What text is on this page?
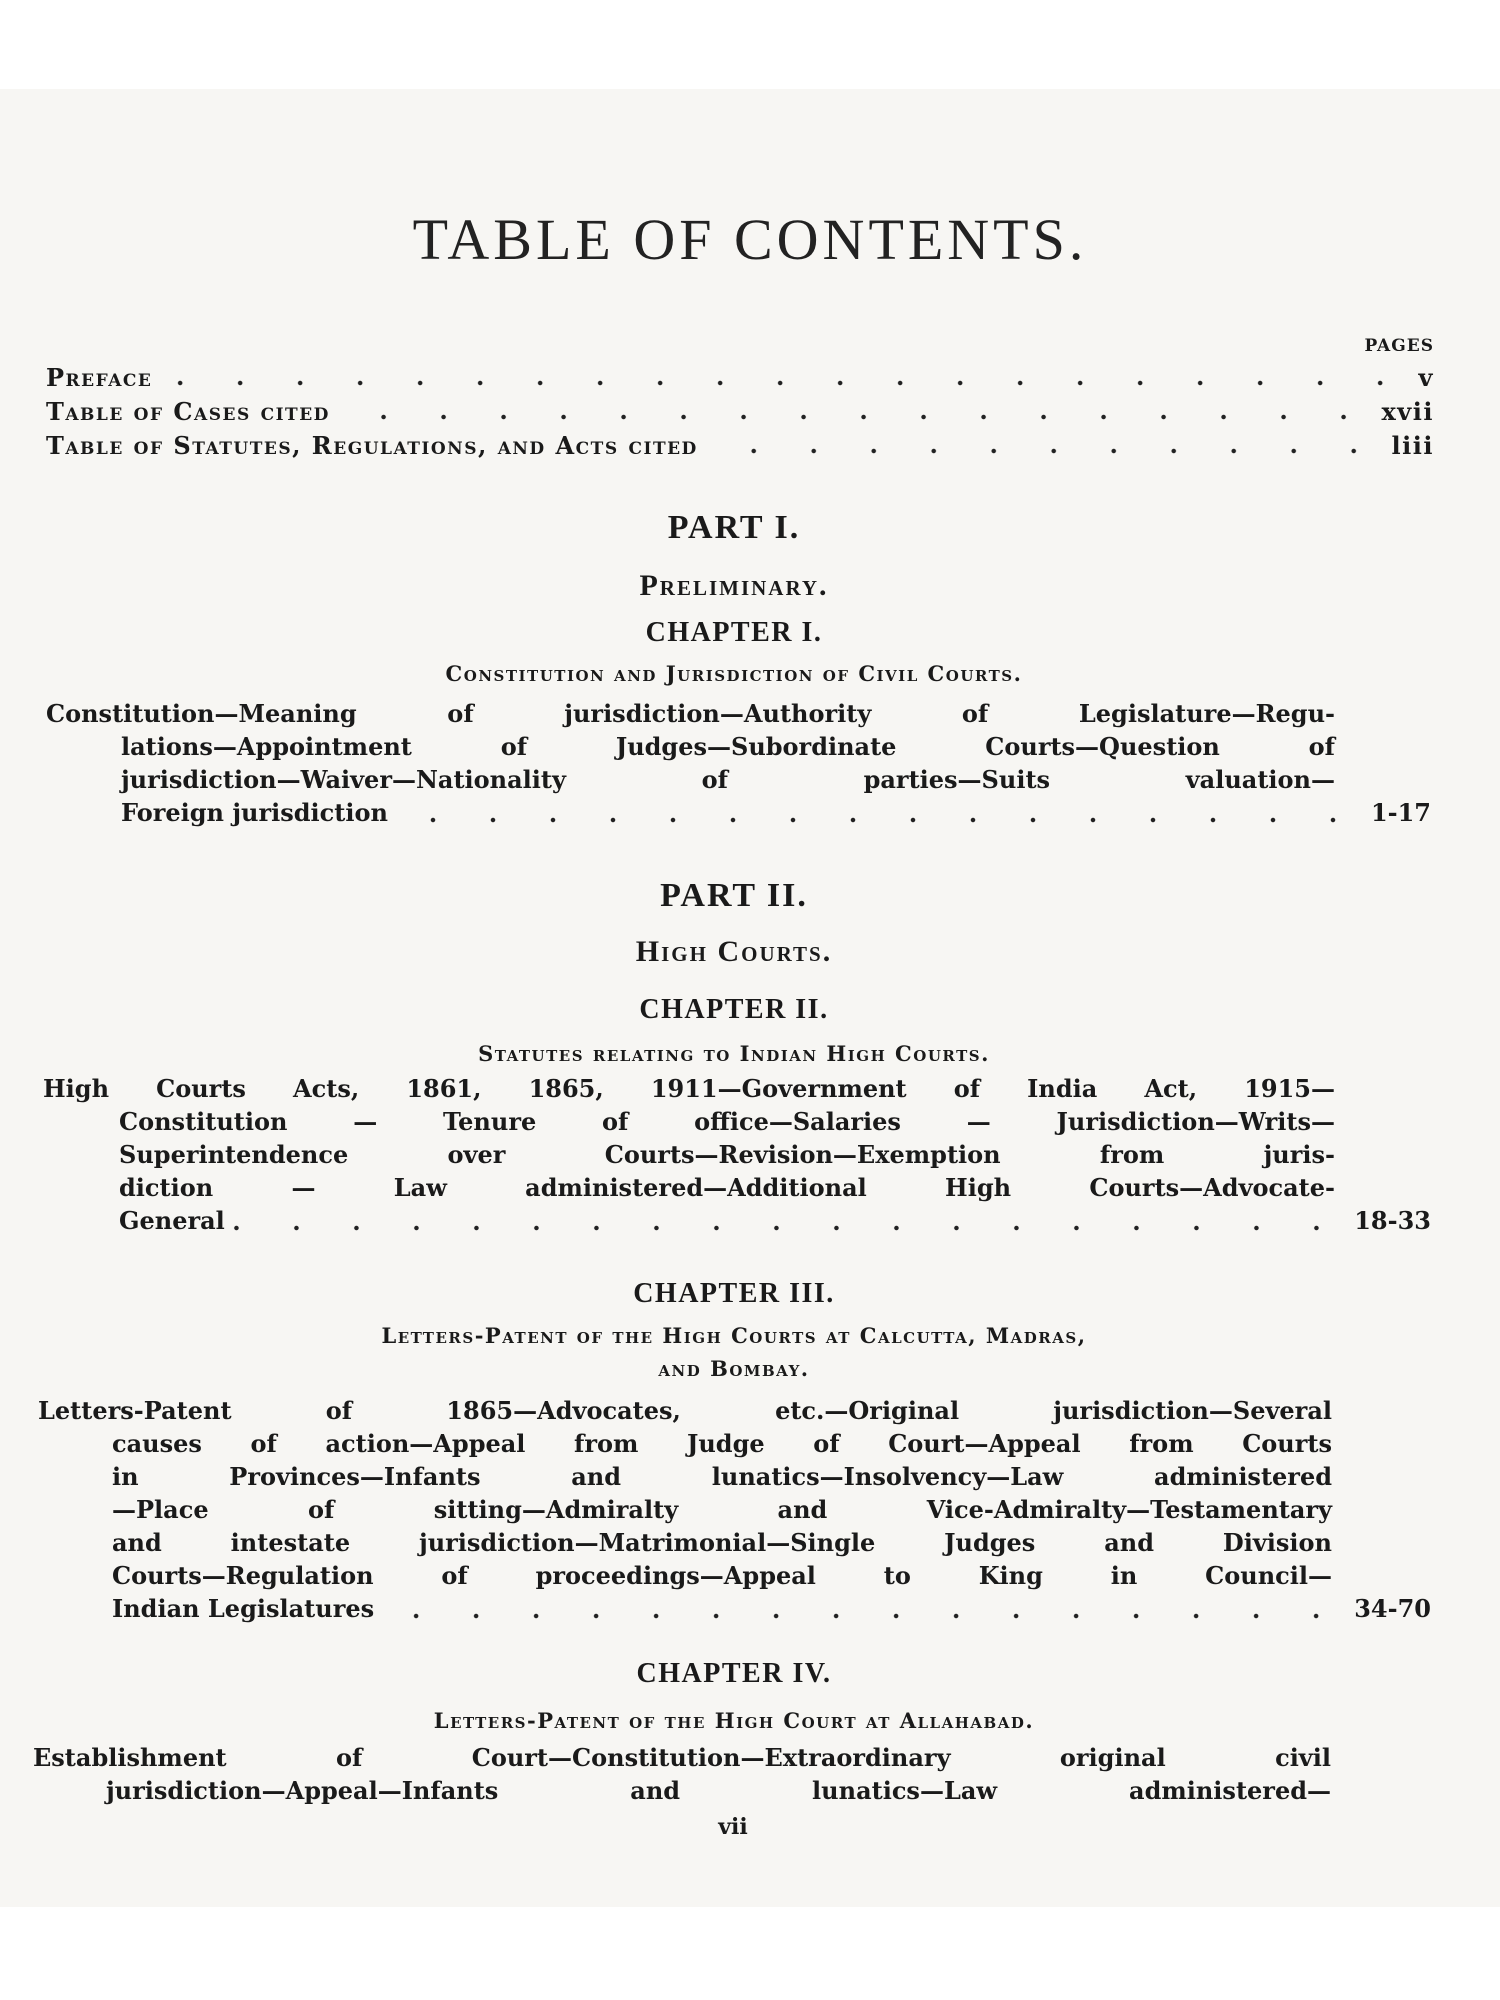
TABLE OF CONTENTS.
PAGES
Preface	v
Table of Cases cited	xvii
Table of Statutes, Regulations, and Acts cited	liii
PART I.
Preliminary.
CHAPTER I.
Constitution and Jurisdiction of Civil Courts.
Constitution—Meaning of jurisdiction—Authority of Legislature—Regu-
lations—Appointment of Judges—Subordinate Courts—Question of
jurisdiction—Waiver—Nationality of parties—Suits valuation—
Foreign jurisdiction	1-17
PART II.
High Courts.
CHAPTER II.
Statutes relating to Indian High Courts.
High Courts Acts, 1861, 1865, 1911—Government of India Act, 1915—
Constitution — Tenure of office—Salaries — Jurisdiction—Writs—
Superintendence over Courts—Revision—Exemption from juris-
diction — Law administered—Additional High Courts—Advocate-
General	18-33
CHAPTER III.
Letters-Patent of the High Courts at Calcutta, Madras,
and Bombay.
Letters-Patent of 1865—Advocates, etc.—Original jurisdiction—Several
causes of action—Appeal from Judge of Court—Appeal from Courts
in Provinces—Infants and lunatics—Insolvency—Law administered
—Place of sitting—Admiralty and Vice-Admiralty—Testamentary
and intestate jurisdiction—Matrimonial—Single Judges and Division
Courts—Regulation of proceedings—Appeal to King in Council—
Indian Legislatures	34-70
CHAPTER IV.
Letters-Patent of the High Court at Allahabad.
Establishment of Court—Constitution—Extraordinary original civil
jurisdiction—Appeal—Infants and lunatics—Law administered—
vii
